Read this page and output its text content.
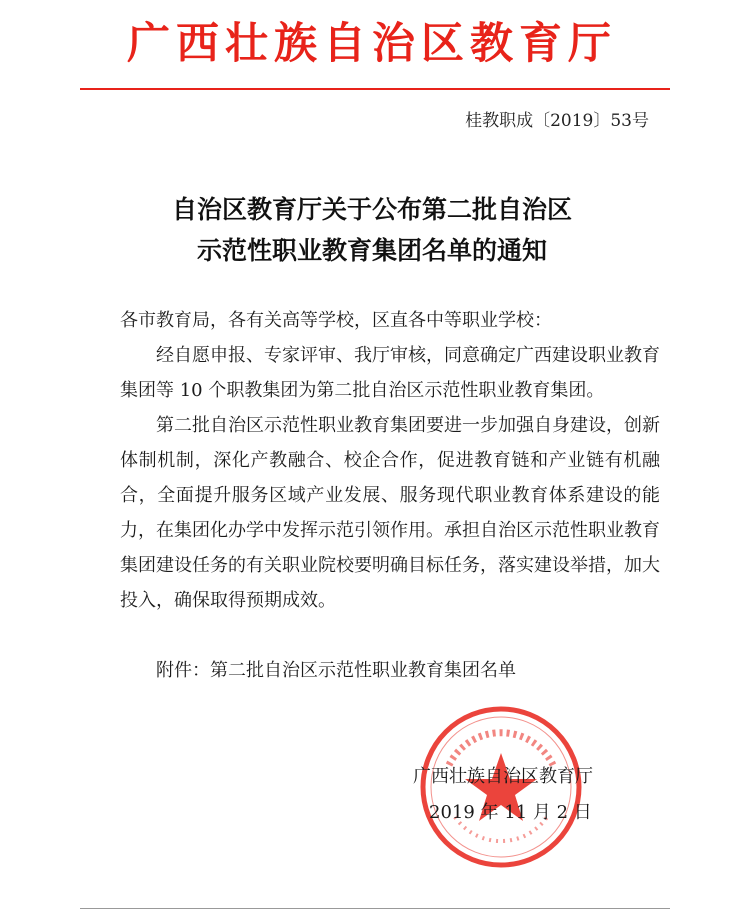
广西壮族自治区教育厅
桂教职成〔2019〕53号
自治区教育厅关于公布第二批自治区
示范性职业教育集团名单的通知
各市教育局，各有关高等学校，区直各中等职业学校：
经自愿申报、专家评审、我厅审核，同意确定广西建设职业教育集团等 10 个职教集团为第二批自治区示范性职业教育集团。
第二批自治区示范性职业教育集团要进一步加强自身建设，创新体制机制，深化产教融合、校企合作，促进教育链和产业链有机融合，全面提升服务区域产业发展、服务现代职业教育体系建设的能力，在集团化办学中发挥示范引领作用。承担自治区示范性职业教育集团建设任务的有关职业院校要明确目标任务，落实建设举措，加大投入，确保取得预期成效。
附件：第二批自治区示范性职业教育集团名单
广西壮族自治区教育厅
2019 年 11 月 2 日
